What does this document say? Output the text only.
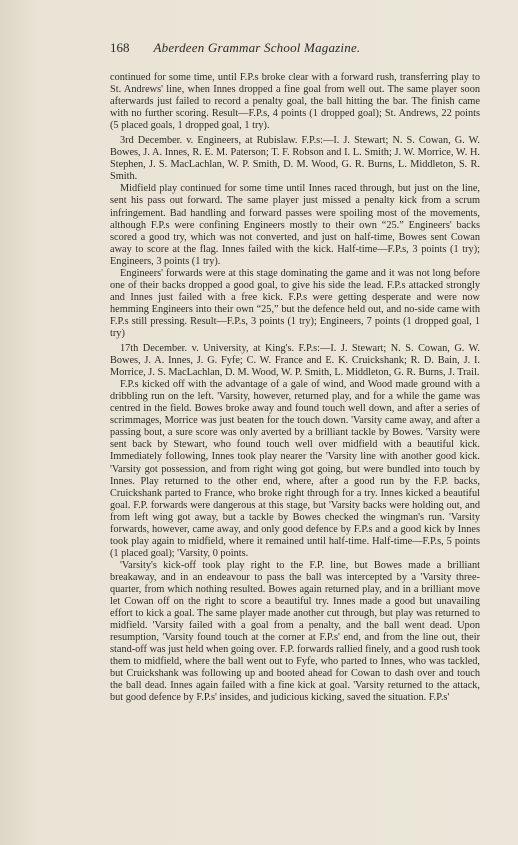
168 Aberdeen Grammar School Magazine.

continued for some time, until F.P.s broke clear with a forward rush, transferring play to St. Andrews' line, when Innes dropped a fine goal from well out. The same player soon afterwards just failed to record a penalty goal, the ball hitting the bar. The finish came with no further scoring. Result—F.P.s, 4 points (1 dropped goal); St. Andrews, 22 points (5 placed goals, 1 dropped goal, 1 try).

3rd December. v. Engineers, at Rubislaw. F.P.s:—I. J. Stewart; N. S. Cowan, G. W. Bowes, J. A. Innes, R. E. M. Paterson; T. F. Robson and I. L. Smith; J. W. Morrice, W. H. Stephen, J. S. MacLachlan, W. P. Smith, D. M. Wood, G. R. Burns, L. Middleton, S. R. Smith.

Midfield play continued for some time until Innes raced through, but just on the line, sent his pass out forward. The same player just missed a penalty kick from a scrum infringement. Bad handling and forward passes were spoiling most of the movements, although F.P.s were confining Engineers mostly to their own “25.” Engineers' backs scored a good try, which was not converted, and just on half-time, Bowes sent Cowan away to score at the flag. Innes failed with the kick. Half-time—F.P.s, 3 points (1 try); Engineers, 3 points (1 try).

Engineers' forwards were at this stage dominating the game and it was not long before one of their backs dropped a good goal, to give his side the lead. F.P.s attacked strongly and Innes just failed with a free kick. F.P.s were getting desperate and were now hemming Engineers into their own “25,” but the defence held out, and no-side came with F.P.s still pressing. Result—F.P.s, 3 points (1 try); Engineers, 7 points (1 dropped goal, 1 try)

17th December. v. University, at King's. F.P.s:—I. J. Stewart; N. S. Cowan, G. W. Bowes, J. A. Innes, J. G. Fyfe; C. W. France and E. K. Cruickshank; R. D. Bain, J. I. Morrice, J. S. MacLachlan, D. M. Wood, W. P. Smith, L. Middleton, G. R. Burns, J. Trail.

F.P.s kicked off with the advantage of a gale of wind, and Wood made ground with a dribbling run on the left. 'Varsity, however, returned play, and for a while the game was centred in the field. Bowes broke away and found touch well down, and after a series of scrimmages, Morrice was just beaten for the touch down. 'Varsity came away, and after a passing bout, a sure score was only averted by a brilliant tackle by Bowes. 'Varsity were sent back by Stewart, who found touch well over midfield with a beautiful kick. Immediately following, Innes took play nearer the 'Varsity line with another good kick. 'Varsity got possession, and from right wing got going, but were bundled into touch by Innes. Play returned to the other end, where, after a good run by the F.P. backs, Cruickshank parted to France, who broke right through for a try. Innes kicked a beautiful goal. F.P. forwards were dangerous at this stage, but 'Varsity backs were holding out, and from left wing got away, but a tackle by Bowes checked the wingman's run. 'Varsity forwards, however, came away, and only good defence by F.P.s and a good kick by Innes took play again to midfield, where it remained until half-time. Half-time—F.P.s, 5 points (1 placed goal); 'Varsity, 0 points.

'Varsity's kick-off took play right to the F.P. line, but Bowes made a brilliant breakaway, and in an endeavour to pass the ball was intercepted by a 'Varsity three-quarter, from which nothing resulted. Bowes again returned play, and in a brilliant move let Cowan off on the right to score a beautiful try. Innes made a good but unavailing effort to kick a goal. The same player made another cut through, but play was returned to midfield. 'Varsity failed with a goal from a penalty, and the ball went dead. Upon resumption, 'Varsity found touch at the corner at F.P.s' end, and from the line out, their stand-off was just held when going over. F.P. forwards rallied finely, and a good rush took them to midfield, where the ball went out to Fyfe, who parted to Innes, who was tackled, but Cruickshank was following up and booted ahead for Cowan to dash over and touch the ball dead. Innes again failed with a fine kick at goal. 'Varsity returned to the attack, but good defence by F.P.s' insides, and judicious kicking, saved the situation. F.P.s'
